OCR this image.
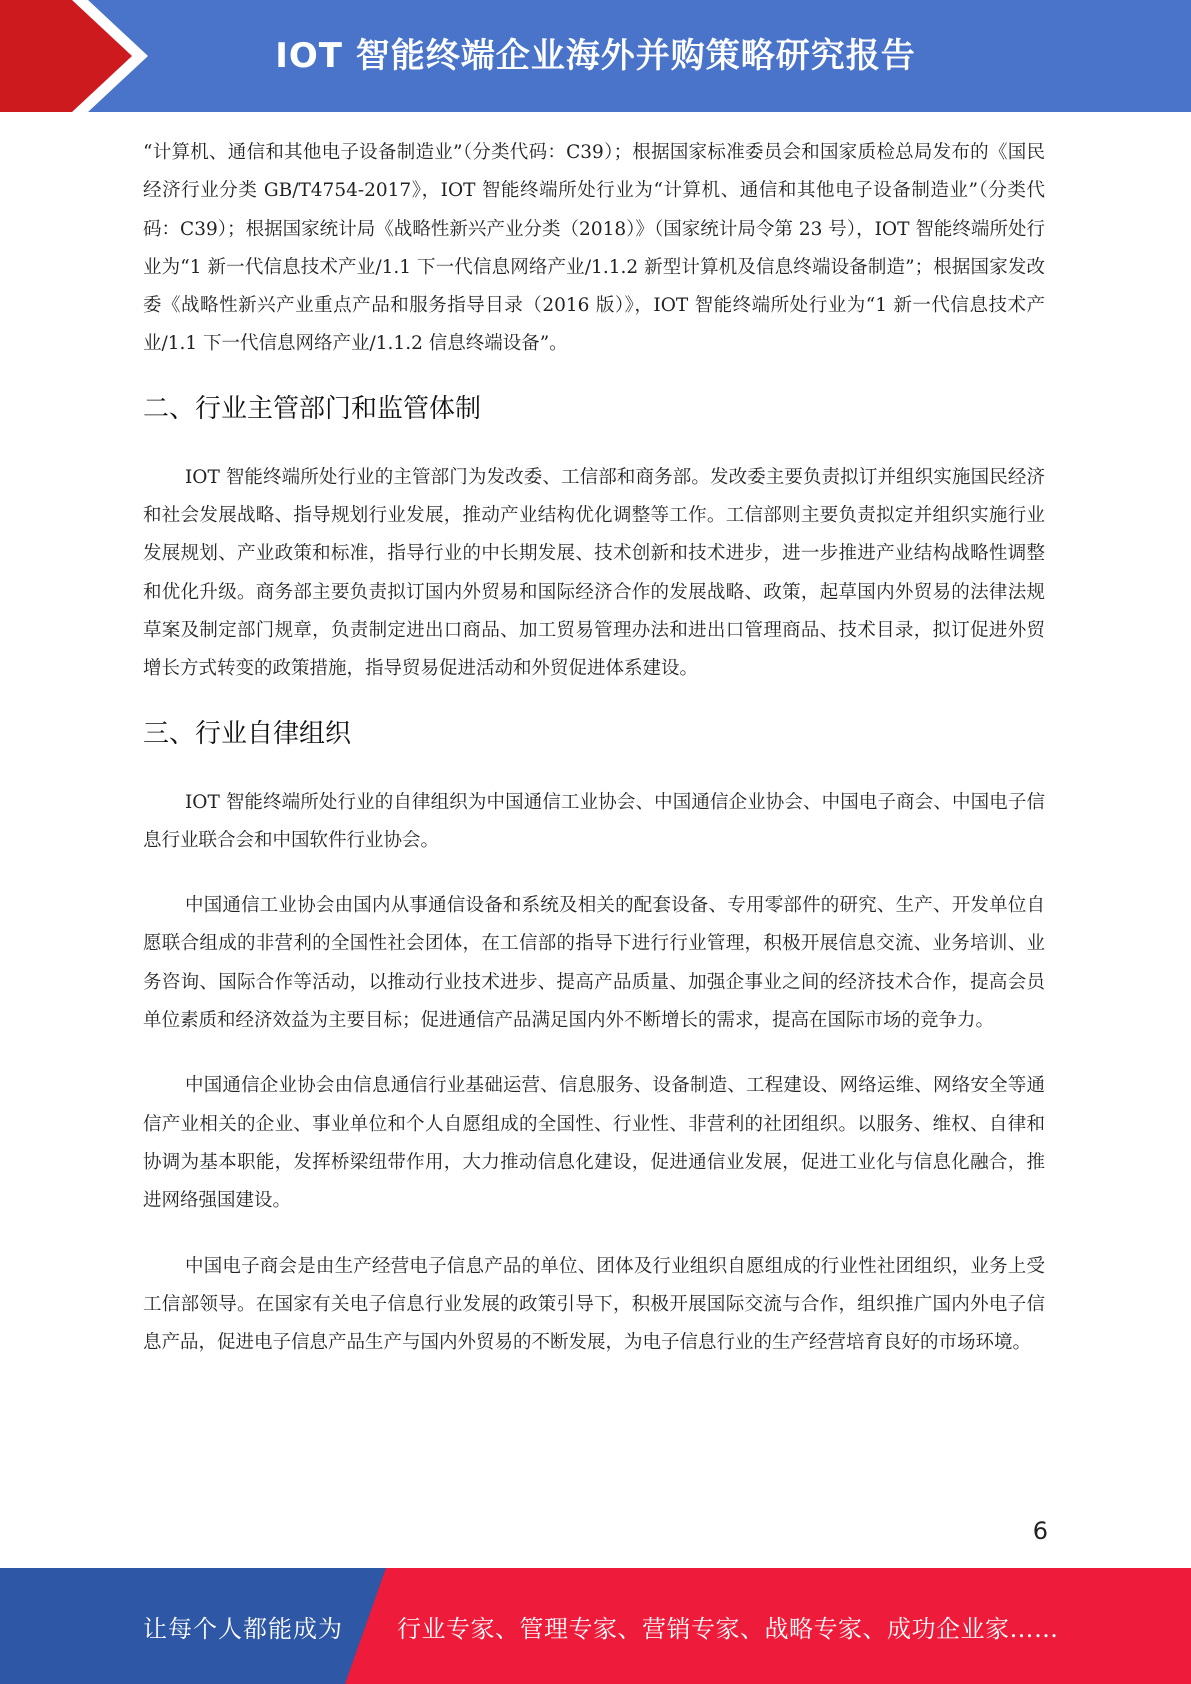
IOT 智能终端企业海外并购策略研究报告

“计算机、通信和其他电子设备制造业”（分类代码：C39）；根据国家标准委员会和国家质检总局发布的《国民经济行业分类 GB/T4754-2017》，IOT 智能终端所处行业为“计算机、通信和其他电子设备制造业”（分类代码：C39）；根据国家统计局《战略性新兴产业分类（2018）》（国家统计局令第 23 号），IOT 智能终端所处行业为“1 新一代信息技术产业/1.1 下一代信息网络产业/1.1.2 新型计算机及信息终端设备制造”；根据国家发改委《战略性新兴产业重点产品和服务指导目录（2016 版）》，IOT 智能终端所处行业为“1 新一代信息技术产业/1.1 下一代信息网络产业/1.1.2 信息终端设备”。

二、行业主管部门和监管体制

IOT 智能终端所处行业的主管部门为发改委、工信部和商务部。发改委主要负责拟订并组织实施国民经济和社会发展战略、指导规划行业发展，推动产业结构优化调整等工作。工信部则主要负责拟定并组织实施行业发展规划、产业政策和标准，指导行业的中长期发展、技术创新和技术进步，进一步推进产业结构战略性调整和优化升级。商务部主要负责拟订国内外贸易和国际经济合作的发展战略、政策，起草国内外贸易的法律法规草案及制定部门规章，负责制定进出口商品、加工贸易管理办法和进出口管理商品、技术目录，拟订促进外贸增长方式转变的政策措施，指导贸易促进活动和外贸促进体系建设。

三、行业自律组织

IOT 智能终端所处行业的自律组织为中国通信工业协会、中国通信企业协会、中国电子商会、中国电子信息行业联合会和中国软件行业协会。

中国通信工业协会由国内从事通信设备和系统及相关的配套设备、专用零部件的研究、生产、开发单位自愿联合组成的非营利的全国性社会团体，在工信部的指导下进行行业管理，积极开展信息交流、业务培训、业务咨询、国际合作等活动，以推动行业技术进步、提高产品质量、加强企事业之间的经济技术合作，提高会员单位素质和经济效益为主要目标；促进通信产品满足国内外不断增长的需求，提高在国际市场的竞争力。

中国通信企业协会由信息通信行业基础运营、信息服务、设备制造、工程建设、网络运维、网络安全等通信产业相关的企业、事业单位和个人自愿组成的全国性、行业性、非营利的社团组织。以服务、维权、自律和协调为基本职能，发挥桥梁纽带作用，大力推动信息化建设，促进通信业发展，促进工业化与信息化融合，推进网络强国建设。

中国电子商会是由生产经营电子信息产品的单位、团体及行业组织自愿组成的行业性社团组织，业务上受工信部领导。在国家有关电子信息行业发展的政策引导下，积极开展国际交流与合作，组织推广国内外电子信息产品，促进电子信息产品生产与国内外贸易的不断发展，为电子信息行业的生产经营培育良好的市场环境。

6
让每个人都能成为 行业专家、管理专家、营销专家、战略专家、成功企业家……
